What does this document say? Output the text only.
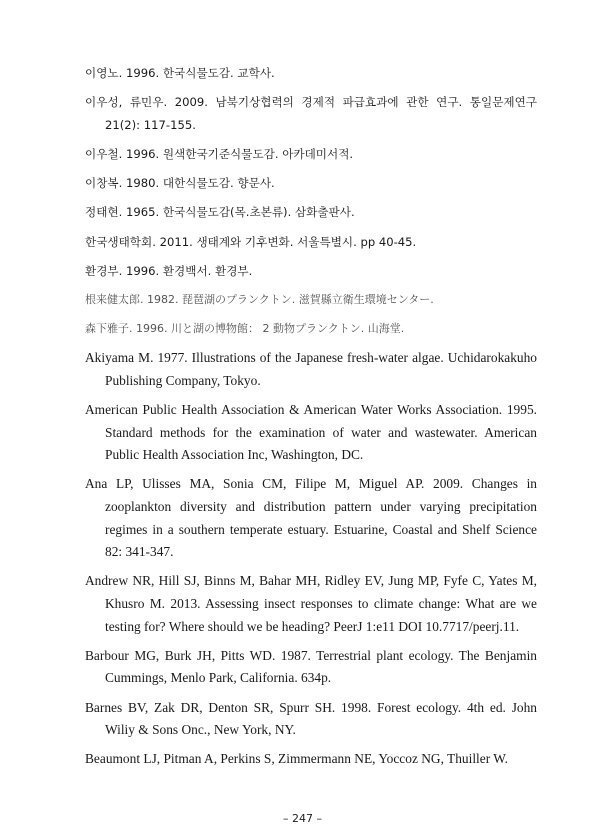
이영노. 1996. 한국식물도감. 교학사.

이우성, 류민우. 2009. 남북기상협력의 경제적 파급효과에 관한 연구. 통일문제연구 21(2): 117-155.

이우철. 1996. 원색한국기준식물도감. 아카데미서적.

이창복. 1980. 대한식물도감. 향문사.

정태현. 1965. 한국식물도감(목.초본류). 삼화출판사.

한국생태학회. 2011. 생태계와 기후변화. 서울특별시. pp 40-45.

환경부. 1996. 환경백서. 환경부.

根来健太郎. 1982. 琵琶湖のプランクトン. 滋賀縣立衛生環境センター.

森下雅子. 1996. 川と湖の博物館： 2 動物プランクトン. 山海堂.

Akiyama M. 1977. Illustrations of the Japanese fresh-water algae. Uchidarokakuho Publishing Company, Tokyo.

American Public Health Association & American Water Works Association. 1995. Standard methods for the examination of water and wastewater. American Public Health Association Inc, Washington, DC.

Ana LP, Ulisses MA, Sonia CM, Filipe M, Miguel AP. 2009. Changes in zooplankton diversity and distribution pattern under varying precipitation regimes in a southern temperate estuary. Estuarine, Coastal and Shelf Science 82: 341-347.

Andrew NR, Hill SJ, Binns M, Bahar MH, Ridley EV, Jung MP, Fyfe C, Yates M, Khusro M. 2013. Assessing insect responses to climate change: What are we testing for? Where should we be heading? PeerJ 1:e11 DOI 10.7717/peerj.11.

Barbour MG, Burk JH, Pitts WD. 1987. Terrestrial plant ecology. The Benjamin Cummings, Menlo Park, California. 634p.

Barnes BV, Zak DR, Denton SR, Spurr SH. 1998. Forest ecology. 4th ed. John Wiliy & Sons Onc., New York, NY.

Beaumont LJ, Pitman A, Perkins S, Zimmermann NE, Yoccoz NG, Thuiller W.

– 247 –
